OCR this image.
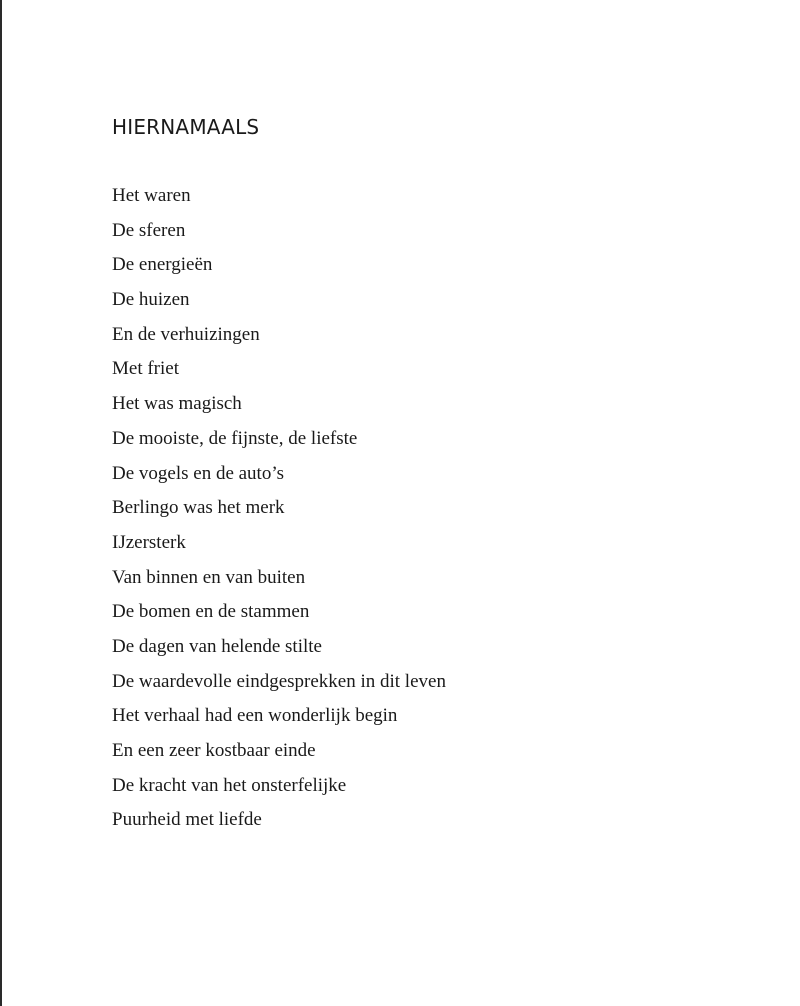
HIERNAMAALS
Het waren
De sferen
De energieën
De huizen
En de verhuizingen
Met friet
Het was magisch
De mooiste, de fijnste, de liefste
De vogels en de auto’s
Berlingo was het merk
IJzersterk
Van binnen en van buiten
De bomen en de stammen
De dagen van helende stilte
De waardevolle eindgesprekken in dit leven
Het verhaal had een wonderlijk begin
En een zeer kostbaar einde
De kracht van het onsterfelijke
Puurheid met liefde
